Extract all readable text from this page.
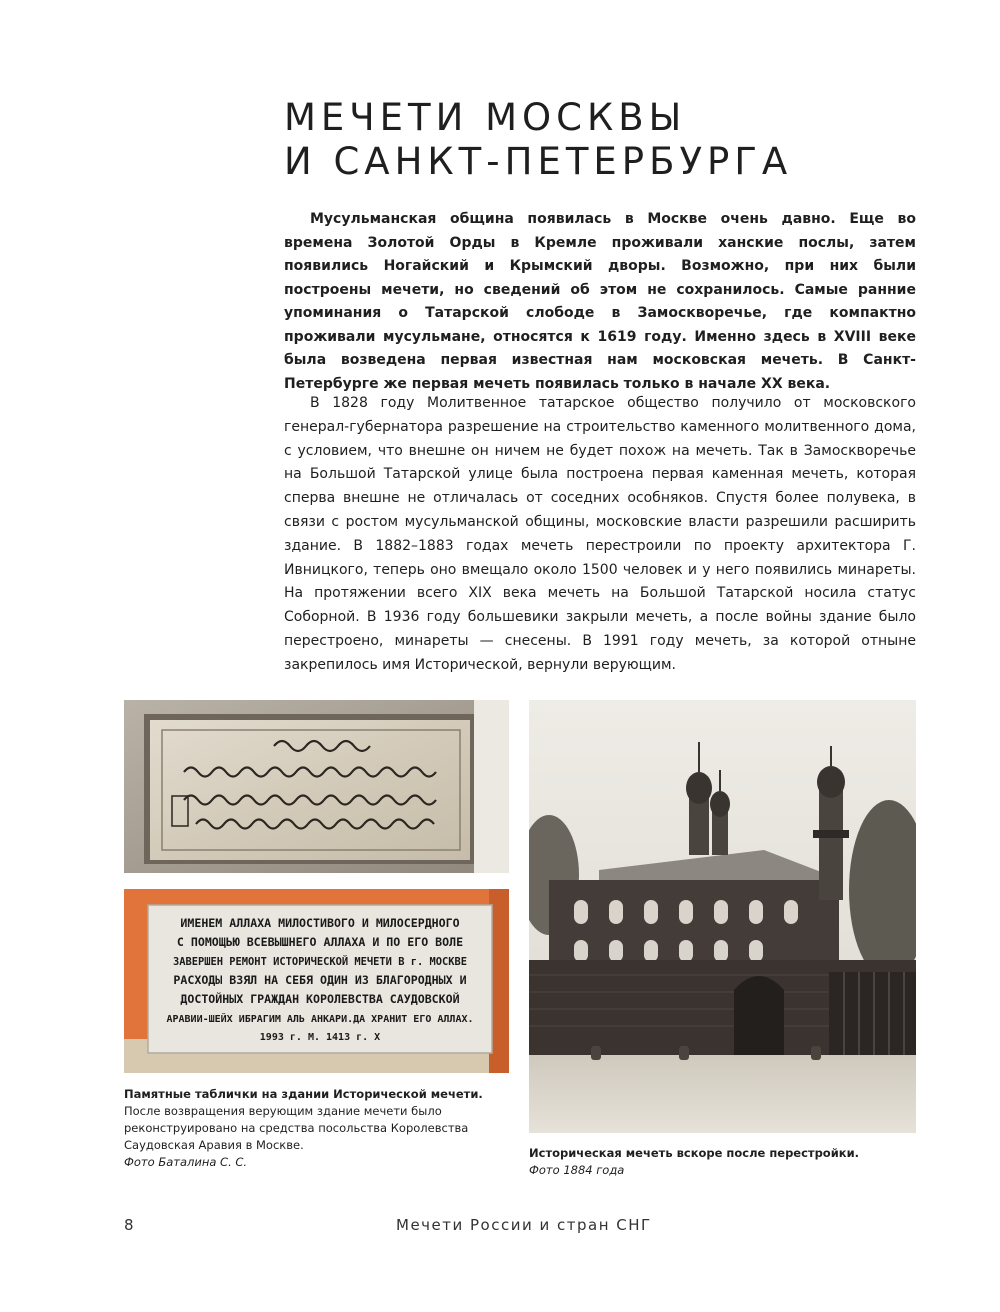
МЕЧЕТИ МОСКВЫ
И САНКТ-ПЕТЕРБУРГА

Мусульманская община появилась в Москве очень давно. Еще во времена Золотой Орды в Кремле проживали ханские послы, затем появились Ногайский и Крымский дворы. Возможно, при них были построены мечети, но сведений об этом не сохранилось. Самые ранние упоминания о Татарской слободе в Замоскворечье, где компактно проживали мусульмане, относятся к 1619 году. Именно здесь в XVIII веке была возведена первая известная нам московская мечеть. В Санкт-Петербурге же первая мечеть появилась только в начале XX века.

В 1828 году Молитвенное татарское общество получило от московского генерал-губернатора разрешение на строительство каменного молитвенного дома, с условием, что внешне он ничем не будет похож на мечеть. Так в Замоскворечье на Большой Татарской улице была построена первая каменная мечеть, которая сперва внешне не отличалась от соседних особняков. Спустя более полувека, в связи с ростом мусульманской общины, московские власти разрешили расширить здание. В 1882–1883 годах мечеть перестроили по проекту архитектора Г. Ивницкого, теперь оно вмещало около 1500 человек и у него появились минареты. На протяжении всего XIX века мечеть на Большой Татарской носила статус Соборной. В 1936 году большевики закрыли мечеть, а после войны здание было перестроено, минареты — снесены. В 1991 году мечеть, за которой отныне закрепилось имя Исторической, вернули верующим.

ИМЕНЕМ АЛЛАХА МИЛОСТИВОГО И МИЛОСЕРДНОГО
С ПОМОЩЬЮ ВСЕВЫШНЕГО АЛЛАХА И ПО ЕГО ВОЛЕ
ЗАВЕРШЕН РЕМОНТ ИСТОРИЧЕСКОЙ МЕЧЕТИ В г. МОСКВЕ
РАСХОДЫ ВЗЯЛ НА СЕБЯ ОДИН ИЗ БЛАГОРОДНЫХ И
ДОСТОЙНЫХ ГРАЖДАН КОРОЛЕВСТВА САУДОВСКОЙ
АРАВИИ-ШЕЙХ ИБРАГИМ АЛЬ АНКАРИ.ДА ХРАНИТ ЕГО АЛЛАХ.
1993 г. М. 1413 г. Х

Памятные таблички на здании Исторической мечети.
После возвращения верующим здание мечети было реконструировано на средства посольства Королевства Саудовская Аравия в Москве.
Фото Баталина С. С.

Историческая мечеть вскоре после перестройки.
Фото 1884 года

8	Мечети России и стран СНГ
